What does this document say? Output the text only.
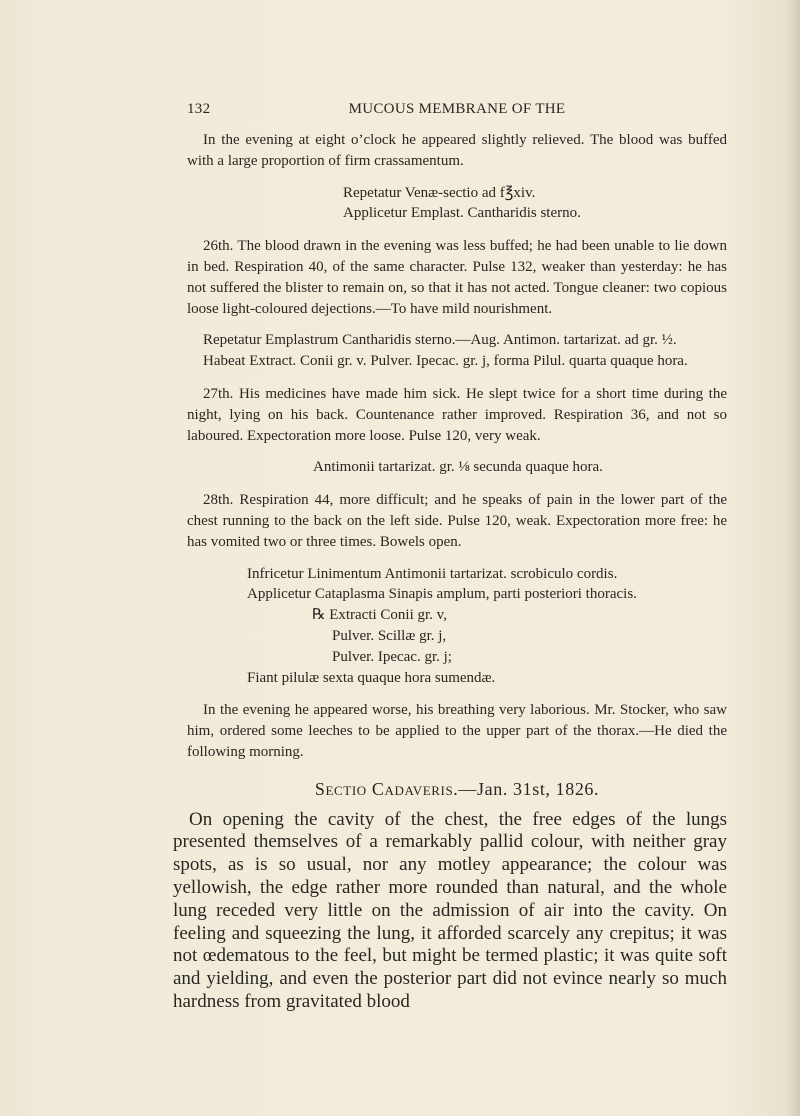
132	MUCOUS MEMBRANE OF THE

In the evening at eight o’clock he appeared slightly relieved. The blood was buffed with a large proportion of firm crassamentum.

Repetatur Venæ-sectio ad f℥xiv.

Applicetur Emplast. Cantharidis sterno.

26th. The blood drawn in the evening was less buffed; he had been unable to lie down in bed. Respiration 40, of the same character. Pulse 132, weaker than yesterday: he has not suffered the blister to remain on, so that it has not acted. Tongue cleaner: two copious loose light-coloured dejections.—To have mild nourishment.

Repetatur Emplastrum Cantharidis sterno.—Aug. Antimon. tartarizat. ad gr. ½.

Habeat Extract. Conii gr. v. Pulver. Ipecac. gr. j, forma Pilul. quarta quaque hora.

27th. His medicines have made him sick. He slept twice for a short time during the night, lying on his back. Countenance rather improved. Respiration 36, and not so laboured. Expectoration more loose. Pulse 120, very weak.

Antimonii tartarizat. gr. ⅛ secunda quaque hora.

28th. Respiration 44, more difficult; and he speaks of pain in the lower part of the chest running to the back on the left side. Pulse 120, weak. Expectoration more free: he has vomited two or three times. Bowels open.

Infricetur Linimentum Antimonii tartarizat. scrobiculo cordis.

Applicetur Cataplasma Sinapis amplum, parti posteriori thoracis.

℞ Extracti Conii gr. v,

Pulver. Scillæ gr. j,

Pulver. Ipecac. gr. j;

Fiant pilulæ sexta quaque hora sumendæ.

In the evening he appeared worse, his breathing very laborious. Mr. Stocker, who saw him, ordered some leeches to be applied to the upper part of the thorax.—He died the following morning.

Sectio Cadaveris.—Jan. 31st, 1826.

On opening the cavity of the chest, the free edges of the lungs presented themselves of a remarkably pallid colour, with neither gray spots, as is so usual, nor any motley appearance; the colour was yellowish, the edge rather more rounded than natural, and the whole lung receded very little on the admission of air into the cavity. On feeling and squeezing the lung, it afforded scarcely any crepitus; it was not œdematous to the feel, but might be termed plastic; it was quite soft and yielding, and even the posterior part did not evince nearly so much hardness from gravitated blood
